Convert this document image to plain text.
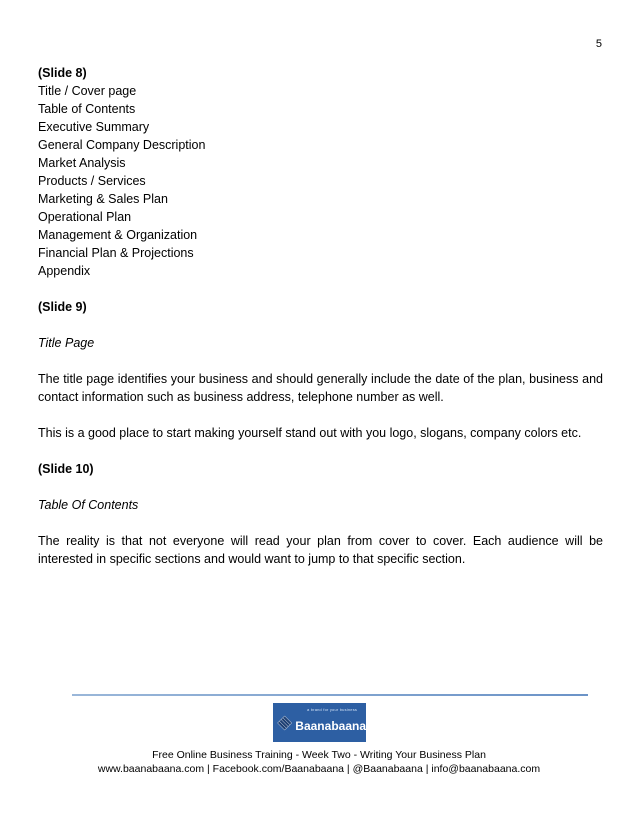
5
(Slide 8)
Title / Cover page
Table of Contents
Executive Summary
General Company Description
Market Analysis
Products / Services
Marketing & Sales Plan
Operational Plan
Management & Organization
Financial Plan & Projections
Appendix
(Slide 9)
Title Page

The title page identifies your business and should generally include the date of the plan, business and contact information such as business address, telephone number as well.

This is a good place to start making yourself stand out with you logo, slogans, company colors etc.

(Slide 10)
Table Of Contents

The reality is that not everyone will read your plan from cover to cover. Each audience will be interested in specific sections and would want to jump to that specific section.

Baanabaana
a brand for your business
Free Online Business Training - Week Two - Writing Your Business Plan
www.baanabaana.com | Facebook.com/Baanabaana | @Baanabaana | info@baanabaana.com
